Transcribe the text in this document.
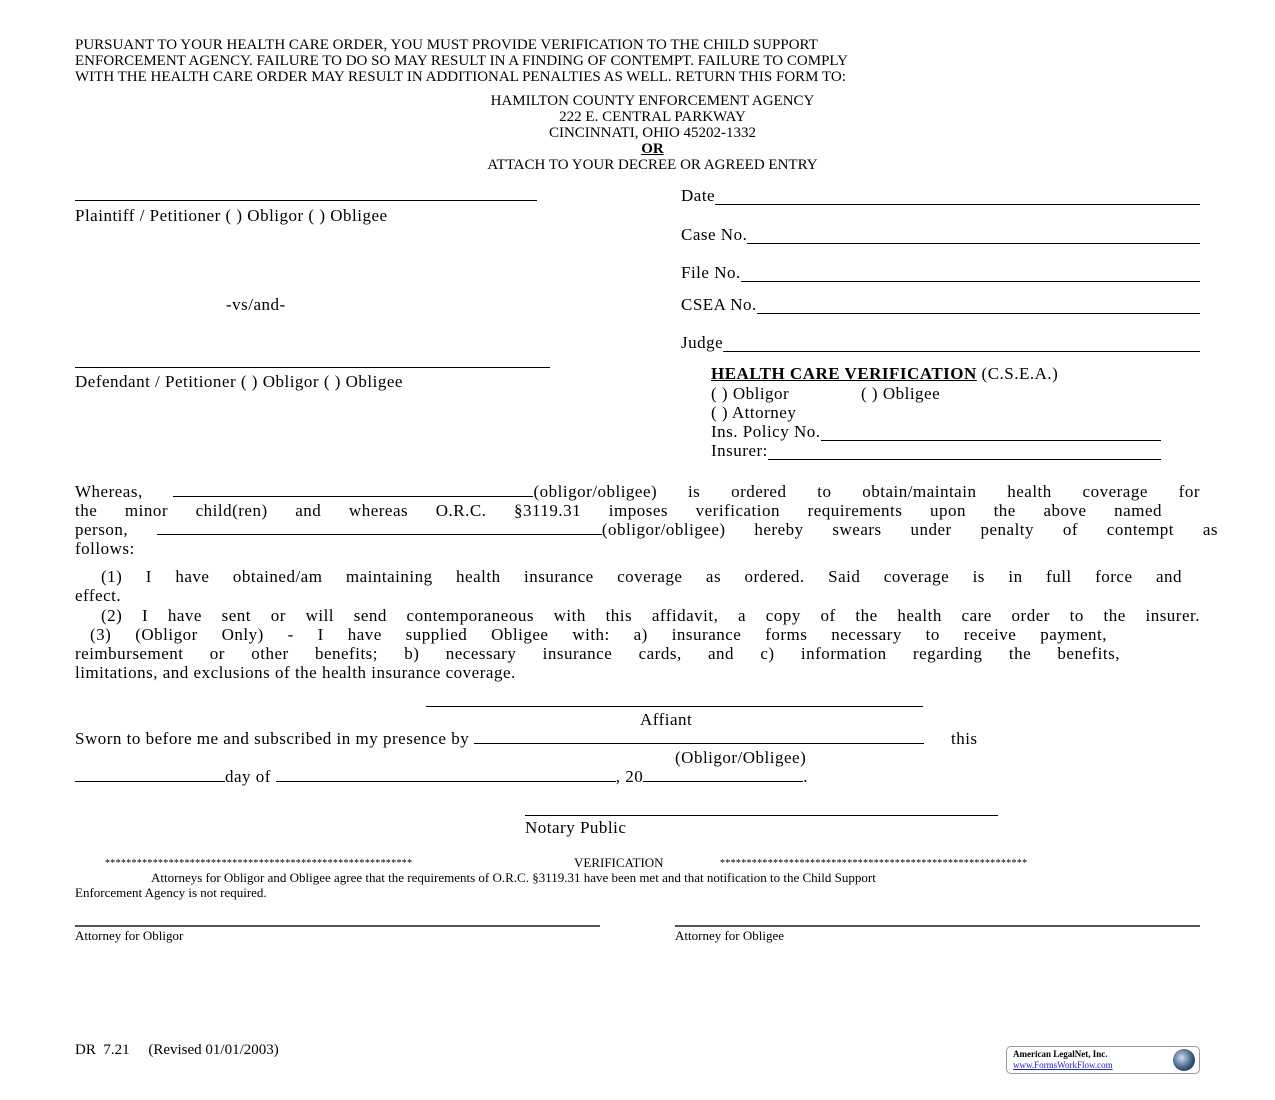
PURSUANT TO YOUR HEALTH CARE ORDER, YOU MUST PROVIDE VERIFICATION TO THE CHILD SUPPORT
ENFORCEMENT AGENCY. FAILURE TO DO SO MAY RESULT IN A FINDING OF CONTEMPT. FAILURE TO COMPLY
WITH THE HEALTH CARE ORDER MAY RESULT IN ADDITIONAL PENALTIES AS WELL. RETURN THIS FORM TO:
HAMILTON COUNTY ENFORCEMENT AGENCY
222 E. CENTRAL PARKWAY
CINCINNATI, OHIO 45202-1332
OR
ATTACH TO YOUR DECREE OR AGREED ENTRY
Plaintiff / Petitioner ( ) Obligor ( ) Obligee
-vs/and-
Defendant / Petitioner ( ) Obligor ( ) Obligee
Date
Case No.
File No.
CSEA No.
Judge
HEALTH CARE VERIFICATION (C.S.E.A.)
( ) Obligor	( ) Obligee
( ) Attorney
Ins. Policy No.
Insurer:
Whereas,	(obligor/obligee) is ordered to obtain/maintain health coverage for
the minor child(ren) and whereas O.R.C. §3119.31 imposes verification requirements upon the above named
person,	(obligor/obligee) hereby swears under penalty of contempt as
follows:
(1) I have obtained/am maintaining health insurance coverage as ordered. Said coverage is in full force and
effect.
(2) I have sent or will send contemporaneous with this affidavit, a copy of the health care order to the insurer.
(3) (Obligor Only) - I have supplied Obligee with: a) insurance forms necessary to receive payment,
reimbursement or other benefits; b) necessary insurance cards, and c) information regarding the benefits,
limitations, and exclusions of the health insurance coverage.
Affiant
Sworn to before me and subscribed in my presence by	this
(Obligor/Obligee)
day of	, 20	.
Notary Public
**********************************************************	VERIFICATION	**********************************************************
Attorneys for Obligor and Obligee agree that the requirements of O.R.C. §3119.31 have been met and that notification to the Child Support
Enforcement Agency is not required.
Attorney for Obligor	Attorney for Obligee
DR  7.21     (Revised 01/01/2003)	American LegalNet, Inc.
www.FormsWorkFlow.com
